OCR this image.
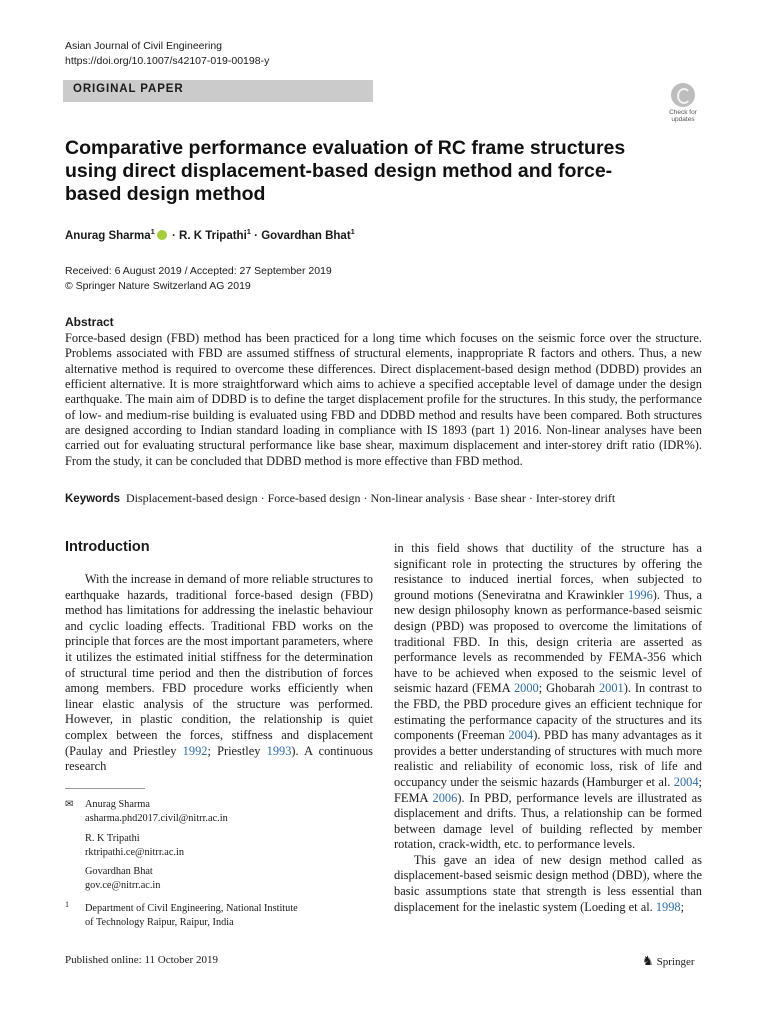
Asian Journal of Civil Engineering
https://doi.org/10.1007/s42107-019-00198-y
ORIGINAL PAPER
Check for
updates
Comparative performance evaluation of RC frame structures using direct displacement-based design method and force-based design method
Anurag Sharma$^1$ · R. K Tripathi$^1$ · Govardhan Bhat$^1$
Received: 6 August 2019 / Accepted: 27 September 2019
© Springer Nature Switzerland AG 2019
Abstract
Force-based design (FBD) method has been practiced for a long time which focuses on the seismic force over the structure. Problems associated with FBD are assumed stiffness of structural elements, inappropriate R factors and others. Thus, a new alternative method is required to overcome these differences. Direct displacement-based design method (DDBD) provides an efficient alternative. It is more straightforward which aims to achieve a specified acceptable level of damage under the design earthquake. The main aim of DDBD is to define the target displacement profile for the structures. In this study, the performance of low- and medium-rise building is evaluated using FBD and DDBD method and results have been compared. Both structures are designed according to Indian standard loading in compliance with IS 1893 (part 1) 2016. Non-linear analyses have been carried out for evaluating structural performance like base shear, maximum displacement and inter-storey drift ratio (IDR%). From the study, it can be concluded that DDBD method is more effective than FBD method.
Keywords Displacement-based design · Force-based design · Non-linear analysis · Base shear · Inter-storey drift
Introduction
With the increase in demand of more reliable structures to earthquake hazards, traditional force-based design (FBD) method has limitations for addressing the inelastic behaviour and cyclic loading effects. Traditional FBD works on the principle that forces are the most important parameters, where it utilizes the estimated initial stiffness for the determination of structural time period and then the distribution of forces among members. FBD procedure works efficiently when linear elastic analysis of the structure was performed. However, in plastic condition, the relationship is quiet complex between the forces, stiffness and displacement (Paulay and Priestley 1992; Priestley 1993). A continuous research

in this field shows that ductility of the structure has a significant role in protecting the structures by offering the resistance to induced inertial forces, when subjected to ground motions (Seneviratna and Krawinkler 1996). Thus, a new design philosophy known as performance-based seismic design (PBD) was proposed to overcome the limitations of traditional FBD. In this, design criteria are asserted as performance levels as recommended by FEMA-356 which have to be achieved when exposed to the seismic level of seismic hazard (FEMA 2000; Ghobarah 2001). In contrast to the FBD, the PBD procedure gives an efficient technique for estimating the performance capacity of the structures and its components (Freeman 2004). PBD has many advantages as it provides a better understanding of structures with much more realistic and reliability of economic loss, risk of life and occupancy under the seismic hazards (Hamburger et al. 2004; FEMA 2006). In PBD, performance levels are illustrated as displacement and drifts. Thus, a relationship can be formed between damage level of building reflected by member rotation, crack-width, etc. to performance levels.

This gave an idea of new design method called as displacement-based seismic design method (DBD), where the basic assumptions state that strength is less essential than displacement for the inelastic system (Loeding et al. 1998;

✉ Anurag Sharma
asharma.phd2017.civil@nitrr.ac.in
R. K Tripathi
rktripathi.ce@nitrr.ac.in
Govardhan Bhat
gov.ce@nitrr.ac.in
1 Department of Civil Engineering, National Institute
of Technology Raipur, Raipur, India
Published online: 11 October 2019	♞ Springer
